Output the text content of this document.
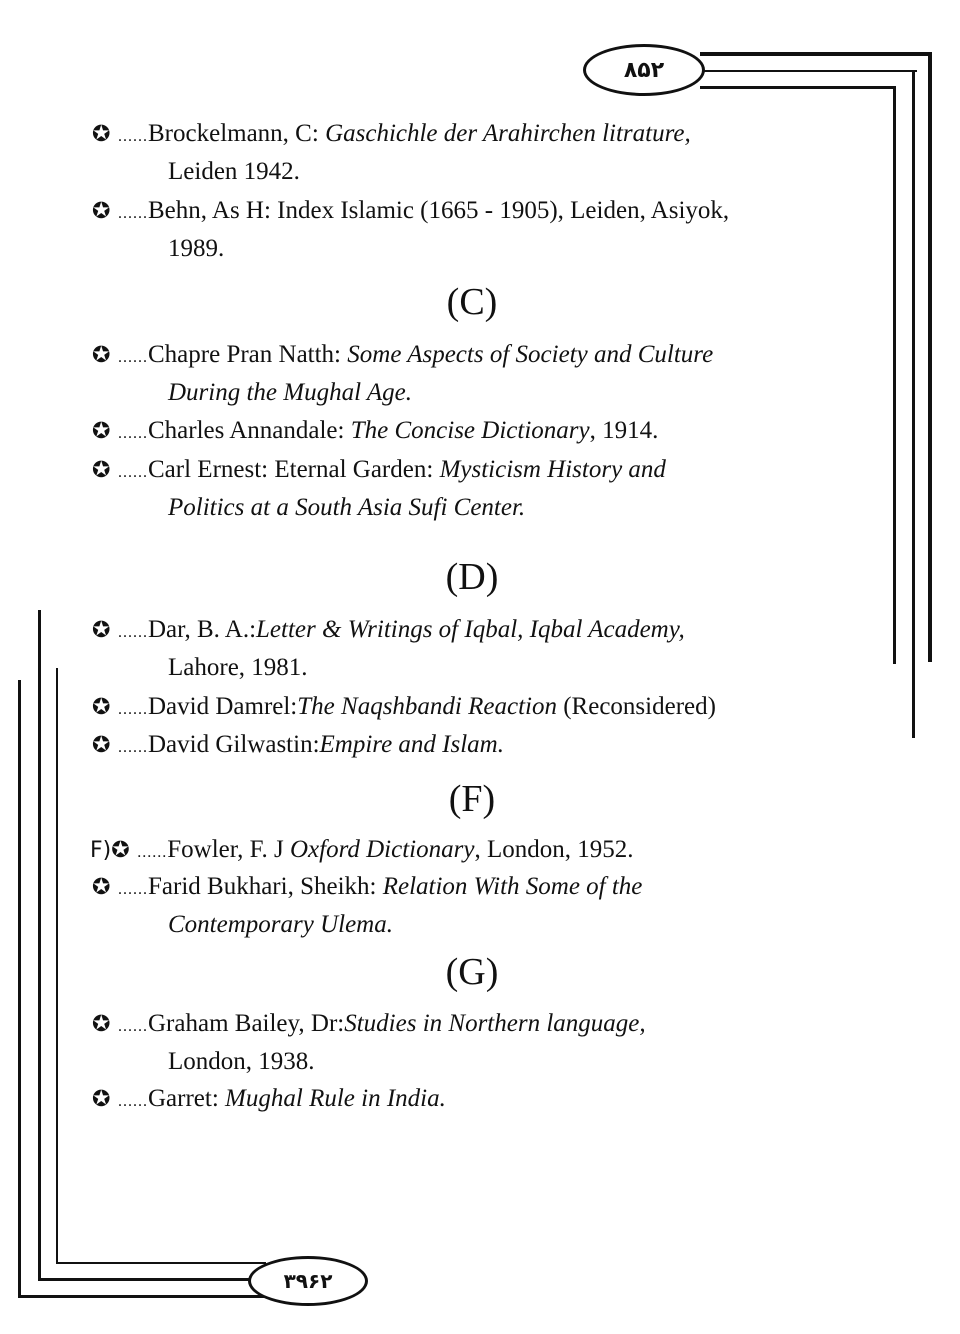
۸۵۲
۳۹۶۲
✪ ......Brockelmann, C: Gaschichle der Arahirchen litrature,
Leiden 1942.
✪ ......Behn, As H: Index Islamic (1665 - 1905), Leiden, Asiyok,
1989.
(C)
✪ ......Chapre Pran Natth: Some Aspects of Society and Culture
During the Mughal Age.
✪ ......Charles Annandale: The Concise Dictionary, 1914.
✪ ......Carl Ernest: Eternal Garden: Mysticism History and
Politics at a South Asia Sufi Center.
(D)
✪ ......Dar, B. A.:Letter & Writings of Iqbal, Iqbal Academy,
Lahore, 1981.
✪ ......David Damrel:The Naqshbandi Reaction (Reconsidered)
✪ ......David Gilwastin:Empire and Islam.
(F)
F)✪ ......Fowler, F. J Oxford Dictionary, London, 1952.
✪ ......Farid Bukhari, Sheikh: Relation With Some of the
Contemporary Ulema.
(G)
✪ ......Graham Bailey, Dr:Studies in Northern language,
London, 1938.
✪ ......Garret: Mughal Rule in India.
